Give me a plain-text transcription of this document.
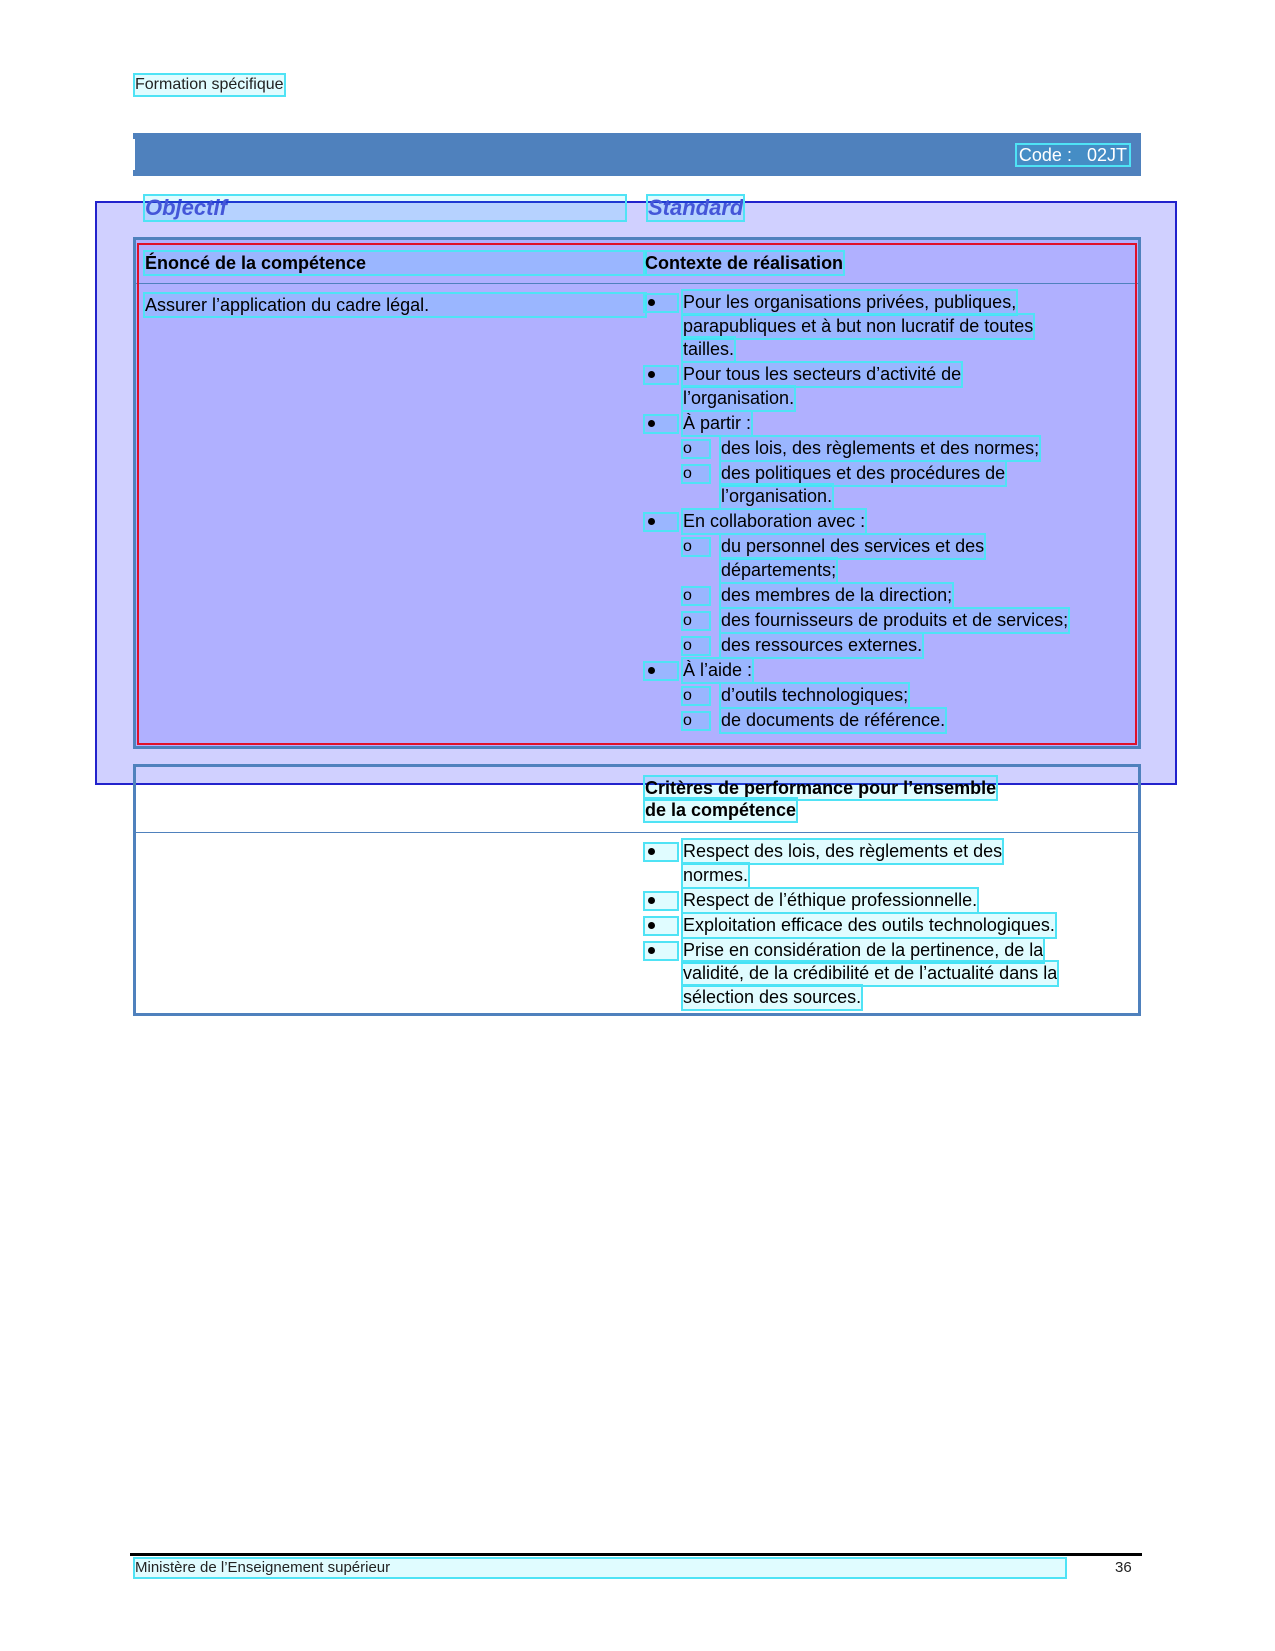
Formation spécifique
Code : 02JT
Objectif	Standard
Énoncé de la compétence	Contexte de réalisation
Assurer l’application du cadre légal.	Pour les organisations privées, publiques,
parapubliques et à but non lucratif de toutes
tailles.
Pour tous les secteurs d’activité de
l’organisation.
À partir :
o	des lois, des règlements et des normes;
o	des politiques et des procédures de
l’organisation.
En collaboration avec :
o	du personnel des services et des
départements;
o	des membres de la direction;
o	des fournisseurs de produits et de services;
o	des ressources externes.
À l’aide :
o	d’outils technologiques;
o	de documents de référence.
Critères de performance pour l’ensemble
de la compétence
Respect des lois, des règlements et des
normes.
Respect de l’éthique professionnelle.
Exploitation efficace des outils technologiques.
Prise en considération de la pertinence, de la
validité, de la crédibilité et de l’actualité dans la
sélection des sources.
Ministère de l’Enseignement supérieur	36
